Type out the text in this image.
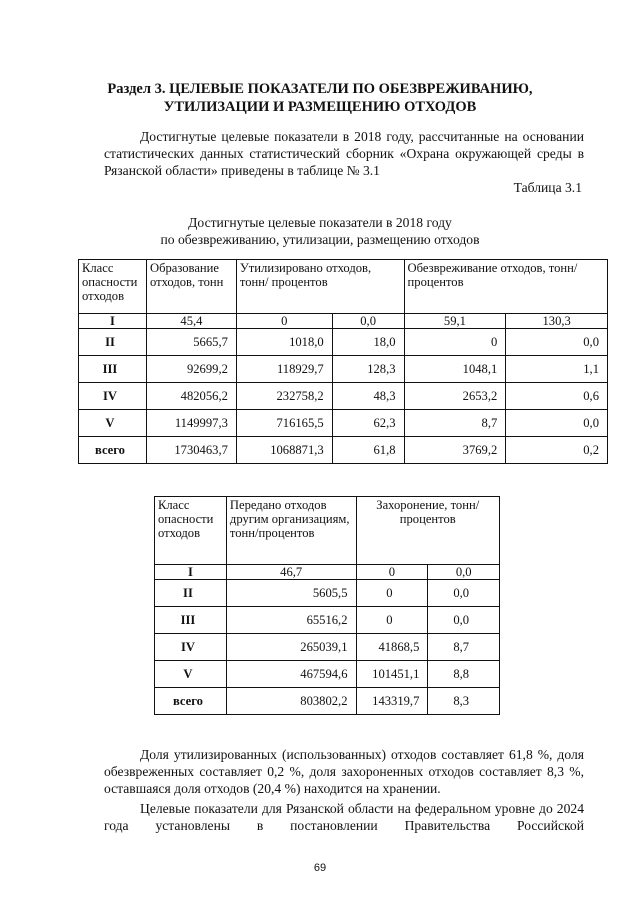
Раздел 3. ЦЕЛЕВЫЕ ПОКАЗАТЕЛИ ПО ОБЕЗВРЕЖИВАНИЮ,
УТИЛИЗАЦИИ И РАЗМЕЩЕНИЮ ОТХОДОВ

Достигнутые целевые показатели в 2018 году, рассчитанные на основании статистических данных статистический сборник «Охрана окружающей среды в Рязанской области» приведены в таблице № 3.1

Таблица 3.1
Достигнутые целевые показатели в 2018 году
по обезвреживанию, утилизации, размещению отходов
Класс опасности отходов	Образование отходов, тонн	Утилизировано отходов, тонн/ процентов		Обезвреживание отходов, тонн/процентов	
I	45,4	0	0,0	59,1	130,3
II	5665,7	1018,0	18,0	0	0,0
III	92699,2	118929,7	128,3	1048,1	1,1
IV	482056,2	232758,2	48,3	2653,2	0,6
V	1149997,3	716165,5	62,3	8,7	0,0
всего	1730463,7	1068871,3	61,8	3769,2	0,2
Класс опасности отходов	Передано отходов другим организациям, тонн/процентов	Захоронение, тонн/процентов	
I	46,7	0	0,0
II	5605,5	0	0,0
III	65516,2	0	0,0
IV	265039,1	41868,5	8,7
V	467594,6	101451,1	8,8
всего	803802,2	143319,7	8,3

Доля утилизированных (использованных) отходов составляет 61,8 %, доля обезвреженных составляет 0,2 %, доля захороненных отходов составляет 8,3 %, оставшаяся доля отходов (20,4 %) находится на хранении.

Целевые показатели для Рязанской области на федеральном уровне до 2024 года установлены в постановлении Правительства Российской

69
